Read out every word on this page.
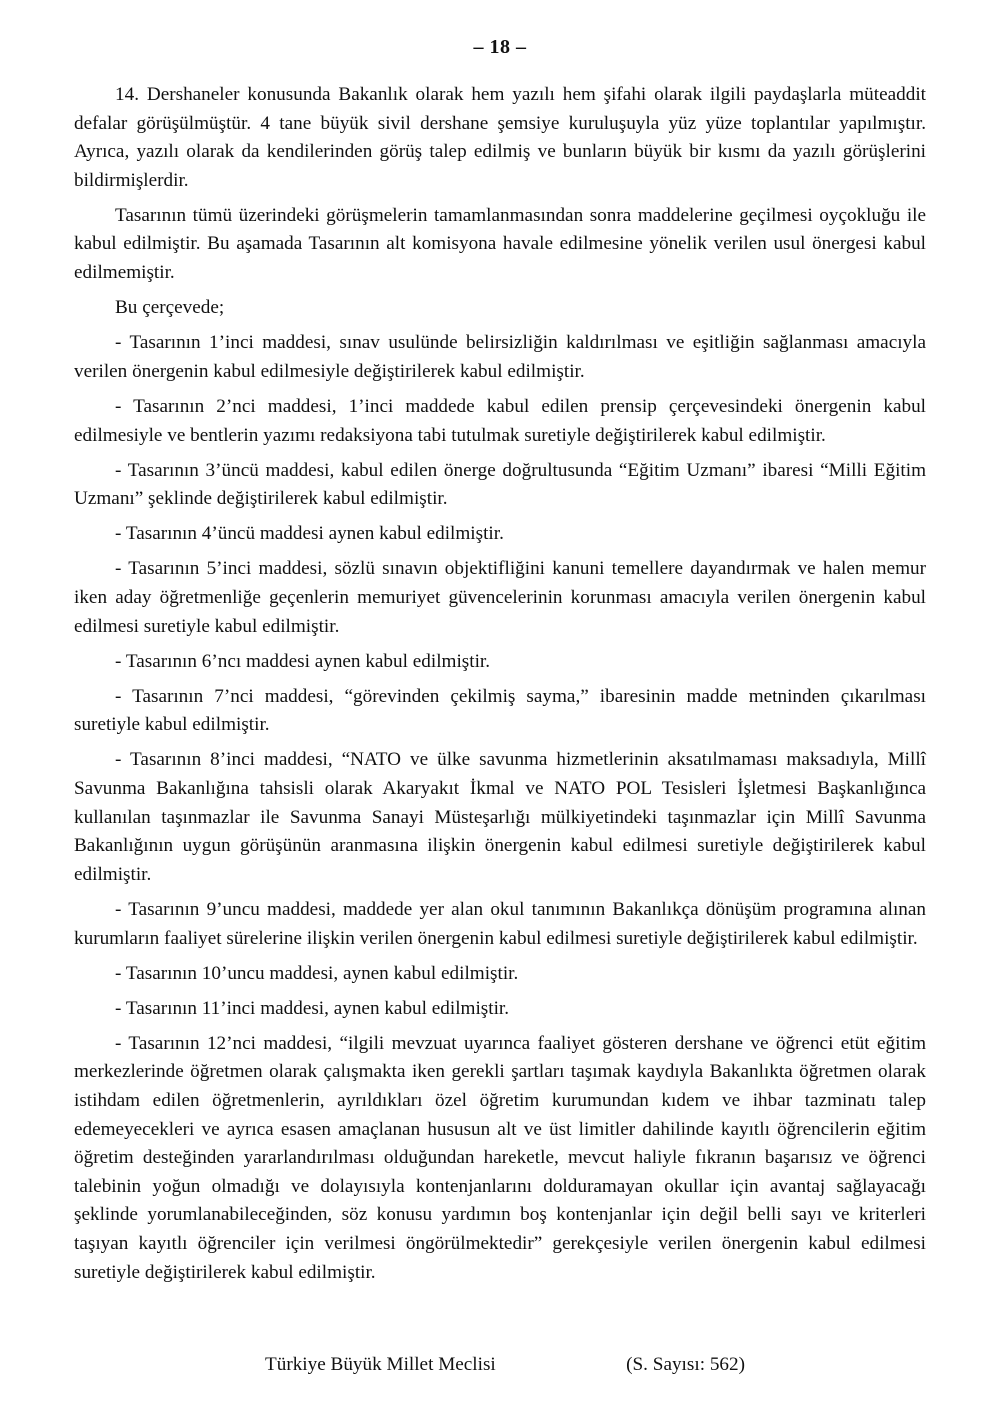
– 18 –

14. Dershaneler konusunda Bakanlık olarak hem yazılı hem şifahi olarak ilgili paydaşlarla müteaddit defalar görüşülmüştür. 4 tane büyük sivil dershane şemsiye kuruluşuyla yüz yüze toplantılar yapılmıştır. Ayrıca, yazılı olarak da kendilerinden görüş talep edilmiş ve bunların büyük bir kısmı da yazılı görüşlerini bildirmişlerdir.

Tasarının tümü üzerindeki görüşmelerin tamamlanmasından sonra maddelerine geçilmesi oyçokluğu ile kabul edilmiştir. Bu aşamada Tasarının alt komisyona havale edilmesine yönelik verilen usul önergesi kabul edilmemiştir.

Bu çerçevede;

- Tasarının 1’inci maddesi, sınav usulünde belirsizliğin kaldırılması ve eşitliğin sağlanması amacıyla verilen önergenin kabul edilmesiyle değiştirilerek kabul edilmiştir.

- Tasarının 2’nci maddesi, 1’inci maddede kabul edilen prensip çerçevesindeki önergenin kabul edilmesiyle ve bentlerin yazımı redaksiyona tabi tutulmak suretiyle değiştirilerek kabul edilmiştir.

- Tasarının 3’üncü maddesi, kabul edilen önerge doğrultusunda “Eğitim Uzmanı” ibaresi “Milli Eğitim Uzmanı” şeklinde değiştirilerek kabul edilmiştir.

- Tasarının 4’üncü maddesi aynen kabul edilmiştir.

- Tasarının 5’inci maddesi, sözlü sınavın objektifliğini kanuni temellere dayandırmak ve halen memur iken aday öğretmenliğe geçenlerin memuriyet güvencelerinin korunması amacıyla verilen önergenin kabul edilmesi suretiyle kabul edilmiştir.

- Tasarının 6’ncı maddesi aynen kabul edilmiştir.

- Tasarının 7’nci maddesi, “görevinden çekilmiş sayma,” ibaresinin madde metninden çıkarılması suretiyle kabul edilmiştir.

- Tasarının 8’inci maddesi, “NATO ve ülke savunma hizmetlerinin aksatılmaması maksadıyla, Millî Savunma Bakanlığına tahsisli olarak Akaryakıt İkmal ve NATO POL Tesisleri İşletmesi Başkanlığınca kullanılan taşınmazlar ile Savunma Sanayi Müsteşarlığı mülkiyetindeki taşınmazlar için Millî Savunma Bakanlığının uygun görüşünün aranmasına ilişkin önergenin kabul edilmesi suretiyle değiştirilerek kabul edilmiştir.

- Tasarının 9’uncu maddesi, maddede yer alan okul tanımının Bakanlıkça dönüşüm programına alınan kurumların faaliyet sürelerine ilişkin verilen önergenin kabul edilmesi suretiyle değiştirilerek kabul edilmiştir.

- Tasarının 10’uncu maddesi, aynen kabul edilmiştir.

- Tasarının 11’inci maddesi, aynen kabul edilmiştir.

- Tasarının 12’nci maddesi, “ilgili mevzuat uyarınca faaliyet gösteren dershane ve öğrenci etüt eğitim merkezlerinde öğretmen olarak çalışmakta iken gerekli şartları taşımak kaydıyla Bakanlıkta öğretmen olarak istihdam edilen öğretmenlerin, ayrıldıkları özel öğretim kurumundan kıdem ve ihbar tazminatı talep edemeyecekleri ve ayrıca esasen amaçlanan hususun alt ve üst limitler dahilinde kayıtlı öğrencilerin eğitim öğretim desteğinden yararlandırılması olduğundan hareketle, mevcut haliyle fıkranın başarısız ve öğrenci talebinin yoğun olmadığı ve dolayısıyla kontenjanlarını dolduramayan okullar için avantaj sağlayacağı şeklinde yorumlanabileceğinden, söz konusu yardımın boş kontenjanlar için değil belli sayı ve kriterleri taşıyan kayıtlı öğrenciler için verilmesi öngörülmektedir” gerekçesiyle verilen önergenin kabul edilmesi suretiyle değiştirilerek kabul edilmiştir.

Türkiye Büyük Millet Meclisi	(S. Sayısı: 562)
